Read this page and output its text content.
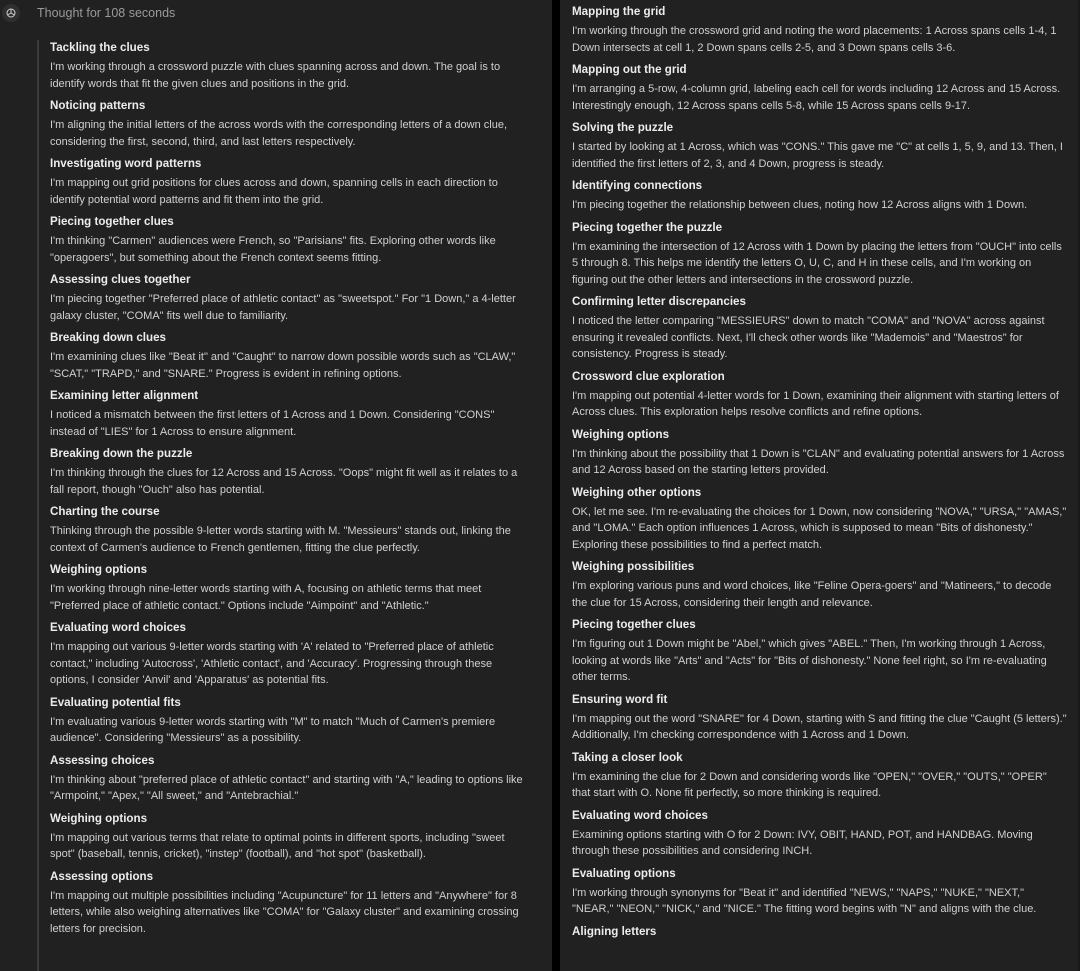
Thought for 108 seconds
Tackling the clues
I'm working through a crossword puzzle with clues spanning across and down. The goal is to identify words that fit the given clues and positions in the grid.
Noticing patterns
I'm aligning the initial letters of the across words with the corresponding letters of a down clue, considering the first, second, third, and last letters respectively.
Investigating word patterns
I'm mapping out grid positions for clues across and down, spanning cells in each direction to identify potential word patterns and fit them into the grid.
Piecing together clues
I'm thinking "Carmen" audiences were French, so "Parisians" fits. Exploring other words like "operagoers", but something about the French context seems fitting.
Assessing clues together
I'm piecing together "Preferred place of athletic contact" as "sweetspot." For "1 Down," a 4-letter galaxy cluster, "COMA" fits well due to familiarity.
Breaking down clues
I'm examining clues like "Beat it" and "Caught" to narrow down possible words such as "CLAW," "SCAT," "TRAPD," and "SNARE." Progress is evident in refining options.
Examining letter alignment
I noticed a mismatch between the first letters of 1 Across and 1 Down. Considering "CONS" instead of "LIES" for 1 Across to ensure alignment.
Breaking down the puzzle
I'm thinking through the clues for 12 Across and 15 Across. "Oops" might fit well as it relates to a fall report, though "Ouch" also has potential.
Charting the course
Thinking through the possible 9-letter words starting with M. "Messieurs" stands out, linking the context of Carmen's audience to French gentlemen, fitting the clue perfectly.
Weighing options
I'm working through nine-letter words starting with A, focusing on athletic terms that meet "Preferred place of athletic contact." Options include "Aimpoint" and "Athletic."
Evaluating word choices
I'm mapping out various 9-letter words starting with 'A' related to "Preferred place of athletic contact," including 'Autocross', 'Athletic contact', and 'Accuracy'. Progressing through these options, I consider 'Anvil' and 'Apparatus' as potential fits.
Evaluating potential fits
I'm evaluating various 9-letter words starting with "M" to match "Much of Carmen's premiere audience". Considering "Messieurs" as a possibility.
Assessing choices
I'm thinking about "preferred place of athletic contact" and starting with "A," leading to options like "Armpoint," "Apex," "All sweet," and "Antebrachial."
Weighing options
I'm mapping out various terms that relate to optimal points in different sports, including "sweet spot" (baseball, tennis, cricket), "instep" (football), and "hot spot" (basketball).
Assessing options
I'm mapping out multiple possibilities including "Acupuncture" for 11 letters and "Anywhere" for 8 letters, while also weighing alternatives like "COMA" for "Galaxy cluster" and examining crossing letters for precision.
Mapping the grid
I'm working through the crossword grid and noting the word placements: 1 Across spans cells 1-4, 1 Down intersects at cell 1, 2 Down spans cells 2-5, and 3 Down spans cells 3-6.
Mapping out the grid
I'm arranging a 5-row, 4-column grid, labeling each cell for words including 12 Across and 15 Across. Interestingly enough, 12 Across spans cells 5-8, while 15 Across spans cells 9-17.
Solving the puzzle
I started by looking at 1 Across, which was "CONS." This gave me "C" at cells 1, 5, 9, and 13. Then, I identified the first letters of 2, 3, and 4 Down, progress is steady.
Identifying connections
I'm piecing together the relationship between clues, noting how 12 Across aligns with 1 Down.
Piecing together the puzzle
I'm examining the intersection of 12 Across with 1 Down by placing the letters from "OUCH" into cells 5 through 8. This helps me identify the letters O, U, C, and H in these cells, and I'm working on figuring out the other letters and intersections in the crossword puzzle.
Confirming letter discrepancies
I noticed the letter comparing "MESSIEURS" down to match "COMA" and "NOVA" across against ensuring it revealed conflicts. Next, I'll check other words like "Mademois" and "Maestros" for consistency. Progress is steady.
Crossword clue exploration
I'm mapping out potential 4-letter words for 1 Down, examining their alignment with starting letters of Across clues. This exploration helps resolve conflicts and refine options.
Weighing options
I'm thinking about the possibility that 1 Down is "CLAN" and evaluating potential answers for 1 Across and 12 Across based on the starting letters provided.
Weighing other options
OK, let me see. I'm re-evaluating the choices for 1 Down, now considering "NOVA," "URSA," "AMAS," and "LOMA." Each option influences 1 Across, which is supposed to mean "Bits of dishonesty." Exploring these possibilities to find a perfect match.
Weighing possibilities
I'm exploring various puns and word choices, like "Feline Opera-goers" and "Matineers," to decode the clue for 15 Across, considering their length and relevance.
Piecing together clues
I'm figuring out 1 Down might be "Abel," which gives "ABEL." Then, I'm working through 1 Across, looking at words like "Arts" and "Acts" for "Bits of dishonesty." None feel right, so I'm re-evaluating other terms.
Ensuring word fit
I'm mapping out the word "SNARE" for 4 Down, starting with S and fitting the clue "Caught (5 letters)." Additionally, I'm checking correspondence with 1 Across and 1 Down.
Taking a closer look
I'm examining the clue for 2 Down and considering words like "OPEN," "OVER," "OUTS," "OPER" that start with O. None fit perfectly, so more thinking is required.
Evaluating word choices
Examining options starting with O for 2 Down: IVY, OBIT, HAND, POT, and HANDBAG. Moving through these possibilities and considering INCH.
Evaluating options
I'm working through synonyms for "Beat it" and identified "NEWS," "NAPS," "NUKE," "NEXT," "NEAR," "NEON," "NICK," and "NICE." The fitting word begins with "N" and aligns with the clue.
Aligning letters
